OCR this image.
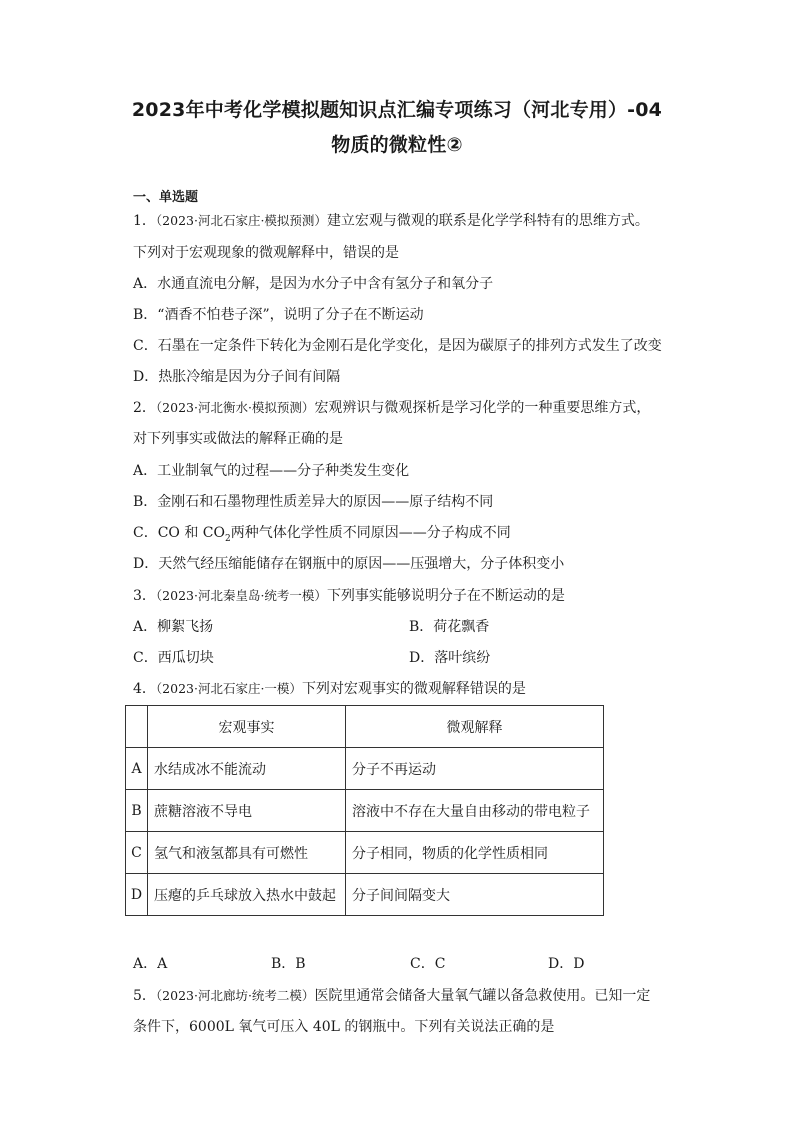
2023年中考化学模拟题知识点汇编专项练习（河北专用）-04
物质的微粒性②
一、单选题
1．（2023·河北石家庄·模拟预测）建立宏观与微观的联系是化学学科特有的思维方式。
下列对于宏观现象的微观解释中，错误的是
A．水通直流电分解，是因为水分子中含有氢分子和氧分子
B．“酒香不怕巷子深”，说明了分子在不断运动
C．石墨在一定条件下转化为金刚石是化学变化，是因为碳原子的排列方式发生了改变
D．热胀冷缩是因为分子间有间隔
2．（2023·河北衡水·模拟预测）宏观辨识与微观探析是学习化学的一种重要思维方式，
对下列事实或做法的解释正确的是
A．工业制氧气的过程——分子种类发生变化
B．金刚石和石墨物理性质差异大的原因——原子结构不同
C．CO 和 $CO_2$两种气体化学性质不同原因——分子构成不同
D．天然气经压缩能储存在钢瓶中的原因——压强增大，分子体积变小
3．（2023·河北秦皇岛·统考一模）下列事实能够说明分子在不断运动的是
A．柳絮飞扬	B．荷花飘香
C．西瓜切块	D．落叶缤纷
4．（2023·河北石家庄·一模）下列对宏观事实的微观解释错误的是
	宏观事实	微观解释
A	水结成冰不能流动	分子不再运动
B	蔗糖溶液不导电	溶液中不存在大量自由移动的带电粒子
C	氢气和液氢都具有可燃性	分子相同，物质的化学性质相同
D	压瘪的乒乓球放入热水中鼓起	分子间间隔变大
A．A	B．B	C．C	D．D
5．（2023·河北廊坊·统考二模）医院里通常会储备大量氧气罐以备急救使用。已知一定
条件下，6000L 氧气可压入 40L 的钢瓶中。下列有关说法正确的是
